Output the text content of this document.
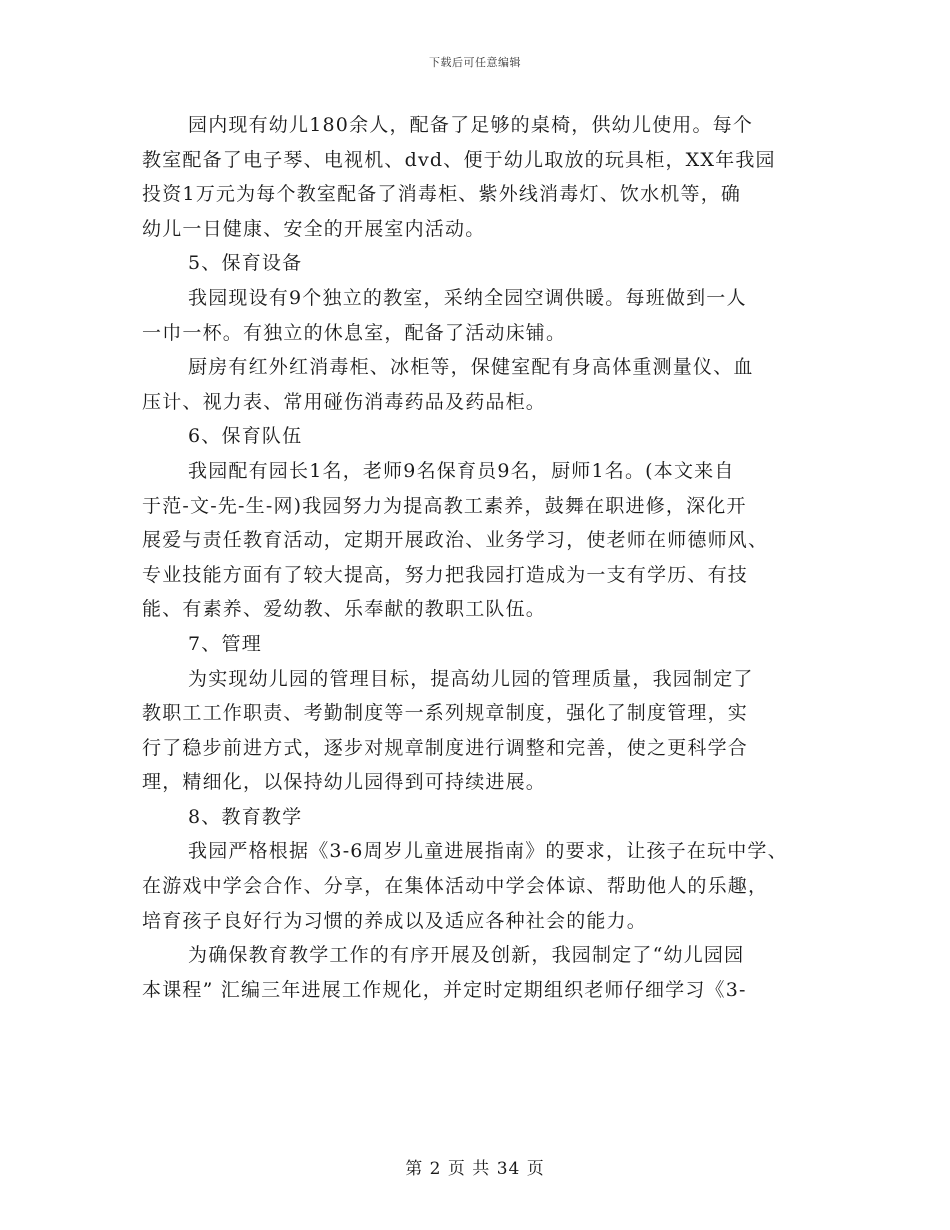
下载后可任意编辑
园内现有幼儿180余人，配备了足够的桌椅，供幼儿使用。每个
教室配备了电子琴、电视机、dvd、便于幼儿取放的玩具柜，XX年我园
投资1万元为每个教室配备了消毒柜、紫外线消毒灯、饮水机等，确
幼儿一日健康、安全的开展室内活动。
5、保育设备
我园现设有9个独立的教室，采纳全园空调供暖。每班做到一人
一巾一杯。有独立的休息室，配备了活动床铺。
厨房有红外红消毒柜、冰柜等，保健室配有身高体重测量仪、血
压计、视力表、常用碰伤消毒药品及药品柜。
6、保育队伍
我园配有园长1名，老师9名保育员9名，厨师1名。(本文来自
于范-文-先-生-网)我园努力为提高教工素养，鼓舞在职进修，深化开
展爱与责任教育活动，定期开展政治、业务学习，使老师在师德师风、
专业技能方面有了较大提高，努力把我园打造成为一支有学历、有技
能、有素养、爱幼教、乐奉献的教职工队伍。
7、管理
为实现幼儿园的管理目标，提高幼儿园的管理质量，我园制定了
教职工工作职责、考勤制度等一系列规章制度，强化了制度管理，实
行了稳步前进方式，逐步对规章制度进行调整和完善，使之更科学合
理，精细化，以保持幼儿园得到可持续进展。
8、教育教学
我园严格根据《3-6周岁儿童进展指南》的要求，让孩子在玩中学、
在游戏中学会合作、分享，在集体活动中学会体谅、帮助他人的乐趣，
培育孩子良好行为习惯的养成以及适应各种社会的能力。
为确保教育教学工作的有序开展及创新，我园制定了“幼儿园园
本课程” 汇编三年进展工作规化，并定时定期组织老师仔细学习《3-
第 2 页 共 34 页
